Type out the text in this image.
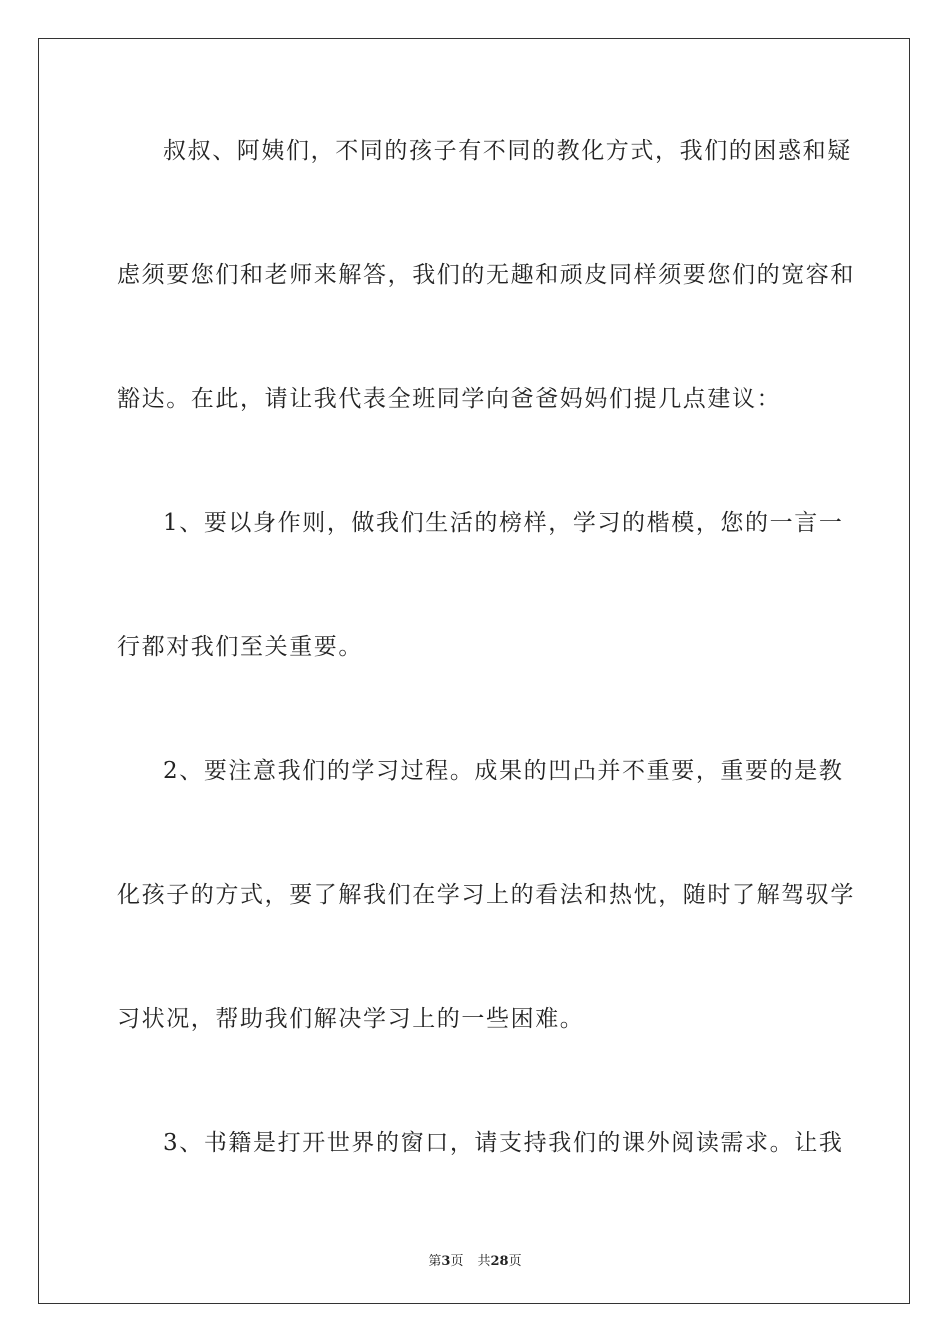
叔叔、阿姨们，不同的孩子有不同的教化方式，我们的困惑和疑
虑须要您们和老师来解答，我们的无趣和顽皮同样须要您们的宽容和
豁达。在此，请让我代表全班同学向爸爸妈妈们提几点建议：
1、要以身作则，做我们生活的榜样，学习的楷模，您的一言一
行都对我们至关重要。
2、要注意我们的学习过程。成果的凹凸并不重要，重要的是教
化孩子的方式，要了解我们在学习上的看法和热忱，随时了解驾驭学
习状况，帮助我们解决学习上的一些困难。
3、书籍是打开世界的窗口，请支持我们的课外阅读需求。让我
第3页 共28页
